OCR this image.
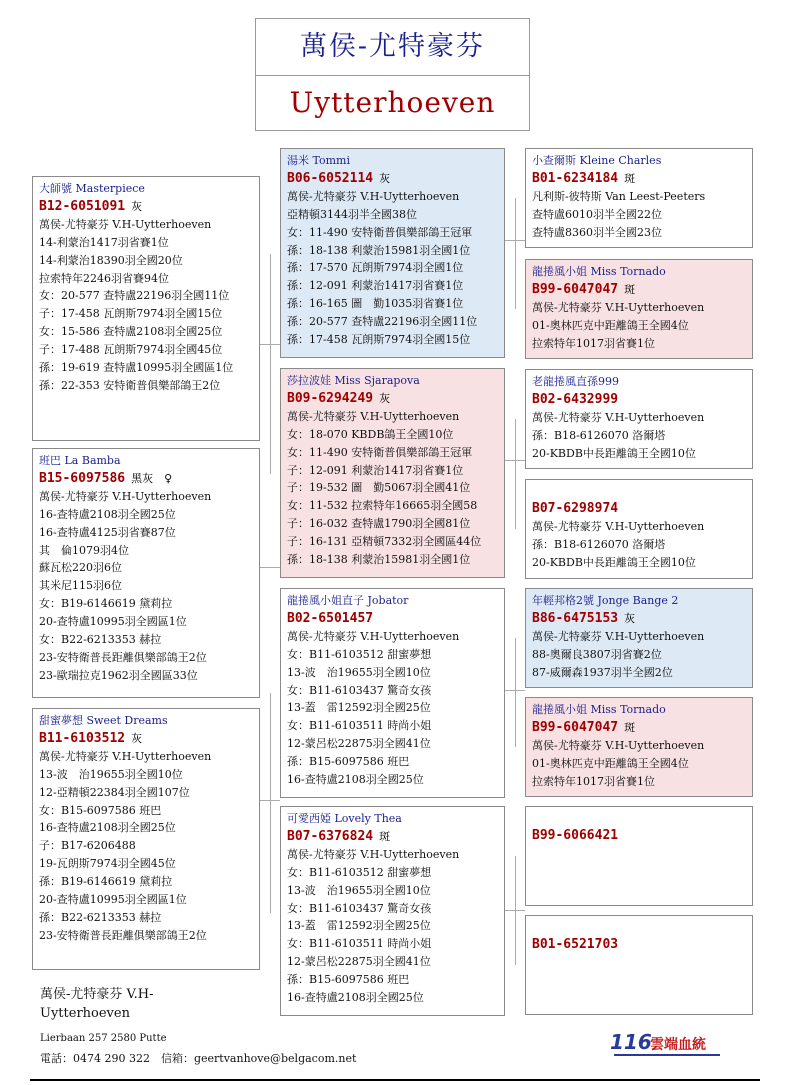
萬侯-尤特豪芬
Uytterhoeven
大師號 Masterpiece
B12-6051091 灰
萬侯-尤特豪芬 V.H-Uytterhoeven
14-利蒙治1417羽省賽1位
14-利蒙治18390羽全國20位
拉索特年2246羽省賽94位
女：20-577 查特盧22196羽全國11位
子：17-458 瓦朗斯7974羽全國15位
女：15-586 查特盧2108羽全國25位
子：17-488 瓦朗斯7974羽全國45位
孫：19-619 查特盧10995羽全國區1位
孫：22-353 安特衛普俱樂部鴿王2位
班巴 La Bamba
B15-6097586 黑灰　♀
萬侯-尤特豪芬 V.H-Uytterhoeven
16-查特盧2108羽全國25位
16-查特盧4125羽省賽87位
其　倫1079羽4位
蘇瓦松220羽6位
其米尼115羽6位
女：B19-6146619 黛莉拉
20-查特盧10995羽全國區1位
女：B22-6213353 赫拉
23-安特衛普長距離俱樂部鴿王2位
23-歐瑞拉克1962羽全國區33位
甜蜜夢想 Sweet Dreams
B11-6103512 灰
萬侯-尤特豪芬 V.H-Uytterhoeven
13-波　治19655羽全國10位
12-亞精頓22384羽全國107位
女：B15-6097586 班巴
16-查特盧2108羽全國25位
子：B17-6206488
19-瓦朗斯7974羽全國45位
孫：B19-6146619 黛莉拉
20-查特盧10995羽全國區1位
孫：B22-6213353 赫拉
23-安特衛普長距離俱樂部鴿王2位
湯米 Tommi
B06-6052114 灰
萬侯-尤特豪芬 V.H-Uytterhoeven
亞精頓3144羽半全國38位
女：11-490 安特衛普俱樂部鴿王冠軍
孫：18-138 利蒙治15981羽全國1位
孫：17-570 瓦朗斯7974羽全國1位
孫：12-091 利蒙治1417羽省賽1位
孫：16-165 圖　勤1035羽省賽1位
孫：20-577 查特盧22196羽全國11位
孫：17-458 瓦朗斯7974羽全國15位
莎拉波娃 Miss Sjarapova
B09-6294249 灰
萬侯-尤特豪芬 V.H-Uytterhoeven
女：18-070 KBDB鴿王全國10位
女：11-490 安特衛普俱樂部鴿王冠軍
子：12-091 利蒙治1417羽省賽1位
子：19-532 圖　勤5067羽全國41位
女：11-532 拉索特年16665羽全國58
子：16-032 查特盧1790羽全國81位
子：16-131 亞精頓7332羽全國區44位
孫：18-138 利蒙治15981羽全國1位
龍捲風小姐直子 Jobator
B02-6501457
萬侯-尤特豪芬 V.H-Uytterhoeven
女：B11-6103512 甜蜜夢想
13-波　治19655羽全國10位
女：B11-6103437 驚奇女孩
13-蓋　雷12592羽全國25位
女：B11-6103511 時尚小姐
12-蒙呂松22875羽全國41位
孫：B15-6097586 班巴
16-查特盧2108羽全國25位
可愛西婭 Lovely Thea
B07-6376824 斑
萬侯-尤特豪芬 V.H-Uytterhoeven
女：B11-6103512 甜蜜夢想
13-波　治19655羽全國10位
女：B11-6103437 驚奇女孩
13-蓋　雷12592羽全國25位
女：B11-6103511 時尚小姐
12-蒙呂松22875羽全國41位
孫：B15-6097586 班巴
16-查特盧2108羽全國25位
小查爾斯 Kleine Charles
B01-6234184 斑
凡利斯-彼特斯 Van Leest-Peeters
查特盧6010羽半全國22位
查特盧8360羽半全國23位
龍捲風小姐 Miss Tornado
B99-6047047 斑
萬侯-尤特豪芬 V.H-Uytterhoeven
01-奧林匹克中距離鴿王全國4位
拉索特年1017羽省賽1位
老龍捲風直孫999
B02-6432999
萬侯-尤特豪芬 V.H-Uytterhoeven
孫：B18-6126070 洛爾塔
20-KBDB中長距離鴿王全國10位
B07-6298974
萬侯-尤特豪芬 V.H-Uytterhoeven
孫：B18-6126070 洛爾塔
20-KBDB中長距離鴿王全國10位
年輕邦格2號 Jonge Bange 2
B86-6475153 灰
萬侯-尤特豪芬 V.H-Uytterhoeven
88-奧爾良3807羽省賽2位
87-威爾森1937羽半全國2位
龍捲風小姐 Miss Tornado
B99-6047047 斑
萬侯-尤特豪芬 V.H-Uytterhoeven
01-奧林匹克中距離鴿王全國4位
拉索特年1017羽省賽1位
B99-6066421
B01-6521703
萬侯-尤特豪芬 V.H-Uytterhoeven
Lierbaan 257 2580 Putte
電話：0474 290 322　信箱：geertvanhove@belgacom.net
116
雲端血統
